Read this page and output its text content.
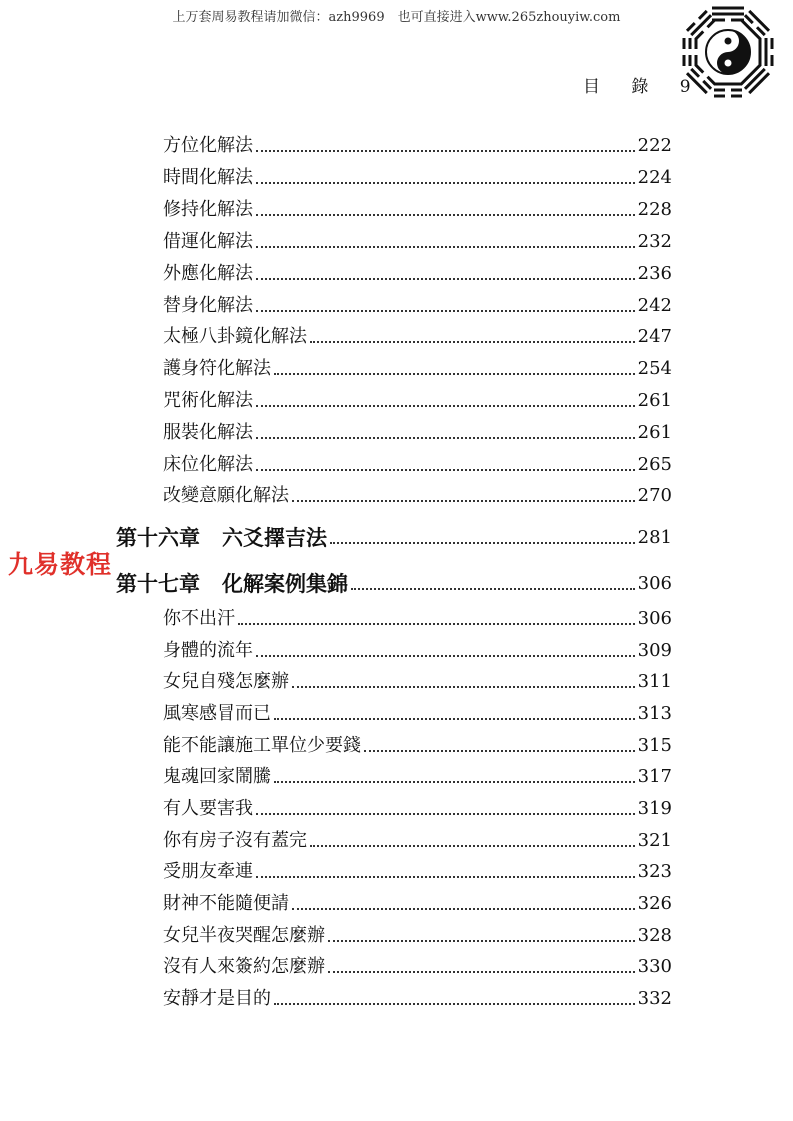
上万套周易教程请加微信：azh9969　也可直接进入www.265zhouyiw.com
目 錄 9
九易教程
方位化解法	222
時間化解法	224
修持化解法	228
借運化解法	232
外應化解法	236
替身化解法	242
太極八卦鏡化解法	247
護身符化解法	254
咒術化解法	261
服裝化解法	261
床位化解法	265
改變意願化解法	270
第十六章 六爻擇吉法	281
第十七章 化解案例集錦	306
你不出汗	306
身體的流年	309
女兒自殘怎麼辦	311
風寒感冒而已	313
能不能讓施工單位少要錢	315
鬼魂回家鬧騰	317
有人要害我	319
你有房子沒有蓋完	321
受朋友牽連	323
財神不能隨便請	326
女兒半夜哭醒怎麼辦	328
沒有人來簽約怎麼辦	330
安靜才是目的	332
